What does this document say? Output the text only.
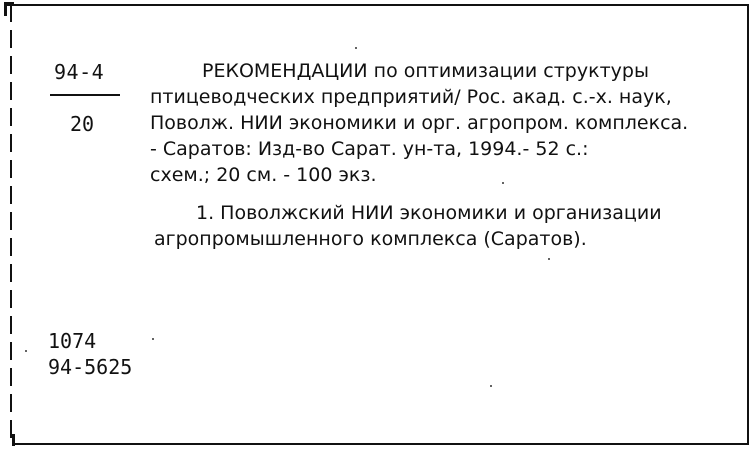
94-4
20
РЕКОМЕНДАЦИИ по оптимизации структуры
птицеводческих предприятий/ Рос. акад. с.-х. наук,
Поволж. НИИ экономики и орг. агропром. комплекса.
- Саратов: Изд-во Сарат. ун-та, 1994.- 52 с.:
схем.; 20 см. - 100 экз.
1. Поволжский НИИ экономики и организации
агропромышленного комплекса (Саратов).
1074
94-5625
